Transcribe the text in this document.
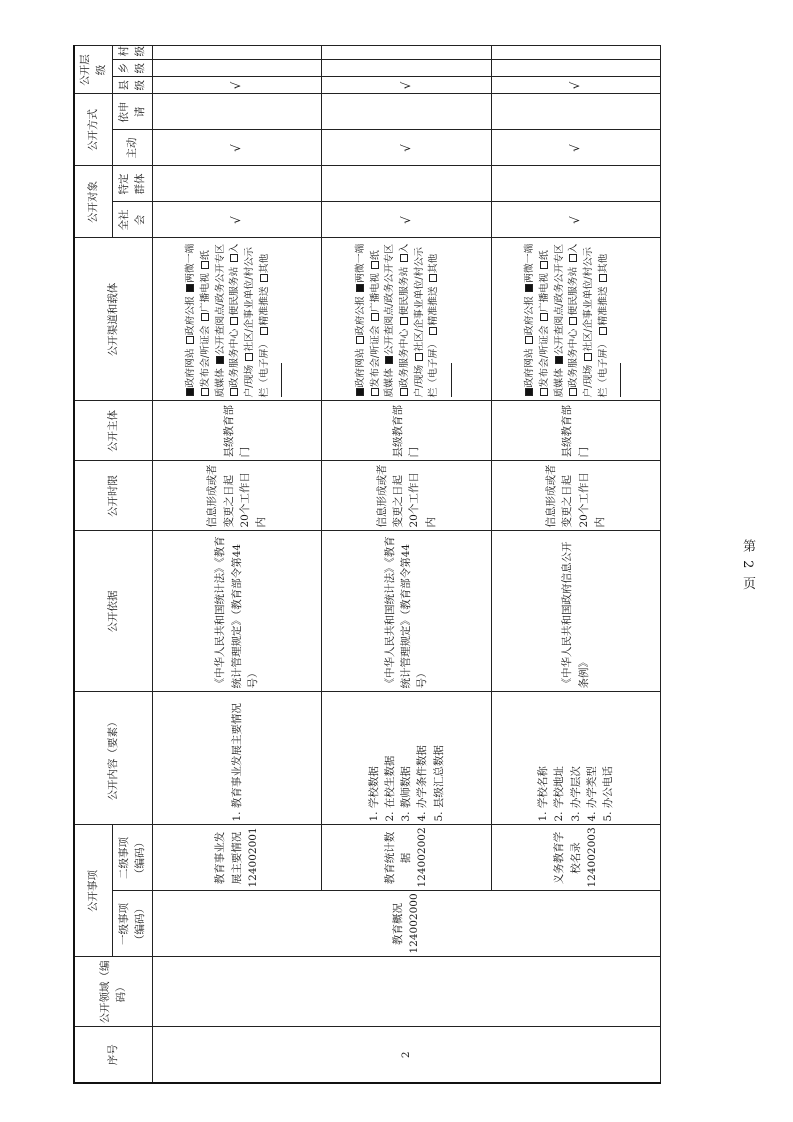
第 2 页
序号	公开领域（编码）	公开事项		公开内容（要素）	公开依据	公开时限	公开主体	公开渠道和载体	公开对象		公开方式		公开层级		
		一级事项（编码）	二级事项（编码）						全社会	特定群体	主动	依申请	县级	乡级	村级

2		教育概况 124002000	教育事业发展主要情况 124002001	1. 教育事业发展主要情况	《中华人民共和国统计法》《教育统计管理规定》（教育部令第44号）	信息形成或者变更之日起20个工作日内	县级教育部门	政府网站 政府公报 两微一端 发布会/听证会 广播电视 纸质媒体 公开查阅点/政务公开专区 政务服务中心 便民服务站 入户/现场 社区/企事业单位/村公示栏（电子屏） 精准推送 其他	√		√		√		
			教育统计数据 124002002	1. 学校数据 2. 在校生数据 3. 教师数据 4. 办学条件数据 5. 县级汇总数据	《中华人民共和国统计法》《教育统计管理规定》（教育部令第44号）	信息形成或者变更之日起20个工作日内	县级教育部门	政府网站 政府公报 两微一端 发布会/听证会 广播电视 纸质媒体 公开查阅点/政务公开专区 政务服务中心 便民服务站 入户/现场 社区/企事业单位/村公示栏（电子屏） 精准推送 其他	√		√		√		
			义务教育学校名录 124002003	1. 学校名称 2. 学校地址 3. 办学层次 4. 办学类型 5. 办公电话	《中华人民共和国政府信息公开条例》	信息形成或者变更之日起20个工作日内	县级教育部门	政府网站 政府公报 两微一端 发布会/听证会 广播电视 纸质媒体 公开查阅点/政务公开专区 政务服务中心 便民服务站 入户/现场 社区/企事业单位/村公示栏（电子屏） 精准推送 其他	√		√		√		
